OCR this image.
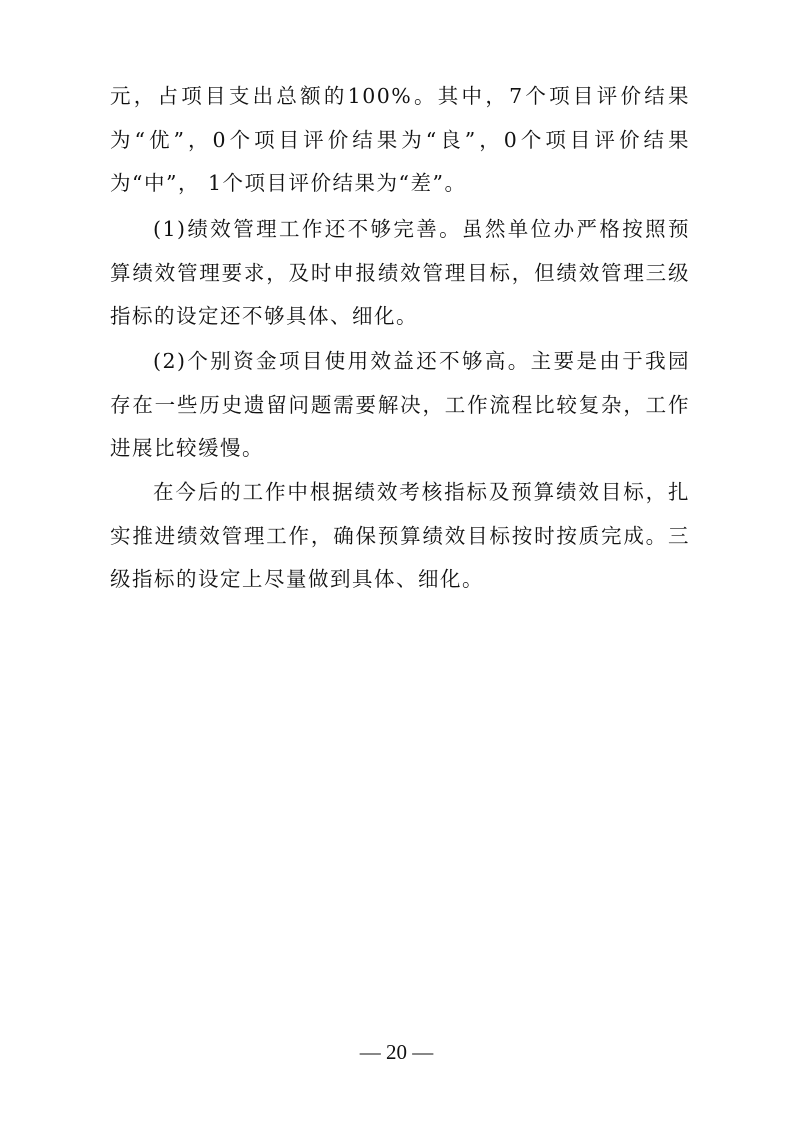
元，占项目支出总额的100%。其中，7个项目评价结果为“优”，0个项目评价结果为“良”，0个项目评价结果为“中”， 1个项目评价结果为“差”。

(1)绩效管理工作还不够完善。虽然单位办严格按照预算绩效管理要求，及时申报绩效管理目标，但绩效管理三级指标的设定还不够具体、细化。

(2)个别资金项目使用效益还不够高。主要是由于我园存在一些历史遗留问题需要解决，工作流程比较复杂，工作进展比较缓慢。

在今后的工作中根据绩效考核指标及预算绩效目标，扎实推进绩效管理工作，确保预算绩效目标按时按质完成。三级指标的设定上尽量做到具体、细化。

— 20 —
